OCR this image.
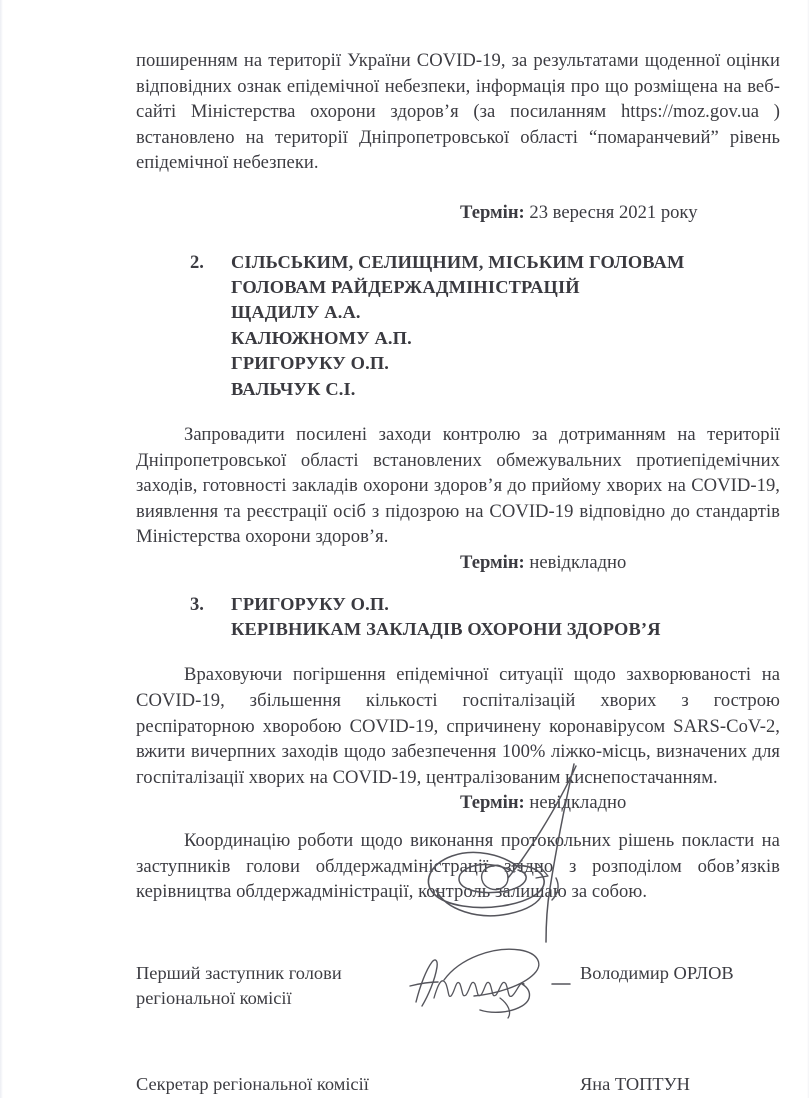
поширенням на території України COVID-19, за результатами щоденної оцінки відповідних ознак епідемічної небезпеки, інформація про що розміщена на веб-сайті Міністерства охорони здоров’я (за посиланням https://moz.gov.ua ) встановлено на території Дніпропетровської області “помаранчевий” рівень епідемічної небезпеки.

Термін: 23 вересня 2021 року
2.	СІЛЬСЬКИМ, СЕЛИЩНИМ, МІСЬКИМ ГОЛОВАМ
ГОЛОВАМ РАЙДЕРЖАДМІНІСТРАЦІЙ
ЩАДИЛУ А.А.
КАЛЮЖНОМУ А.П.
ГРИГОРУКУ О.П.
ВАЛЬЧУК С.І.

Запровадити посилені заходи контролю за дотриманням на території Дніпропетровської області встановлених обмежувальних протиепідемічних заходів, готовності закладів охорони здоров’я до прийому хворих на COVID-19, виявлення та реєстрації осіб з підозрою на COVID-19 відповідно до стандартів Міністерства охорони здоров’я.

Термін: невідкладно
3.	ГРИГОРУКУ О.П.
КЕРІВНИКАМ ЗАКЛАДІВ ОХОРОНИ ЗДОРОВ’Я

Враховуючи погіршення епідемічної ситуації щодо захворюваності на COVID-19, збільшення кількості госпіталізацій хворих з гострою респіраторною хворобою COVID-19, спричинену коронавірусом SARS-CoV-2, вжити вичерпних заходів щодо забезпечення 100% ліжко-місць, визначених для госпіталізації хворих на COVID-19, централізованим киснепостачанням.

Термін: невідкладно

Координацію роботи щодо виконання протокольних рішень покласти на заступників голови облдержадміністрації згідно з розподілом обов’язків керівництва облдержадміністрації, контроль залишаю за собою.

Перший заступник голови
регіональної комісії
Володимир ОРЛОВ
Секретар регіональної комісії	Яна ТОПТУН
